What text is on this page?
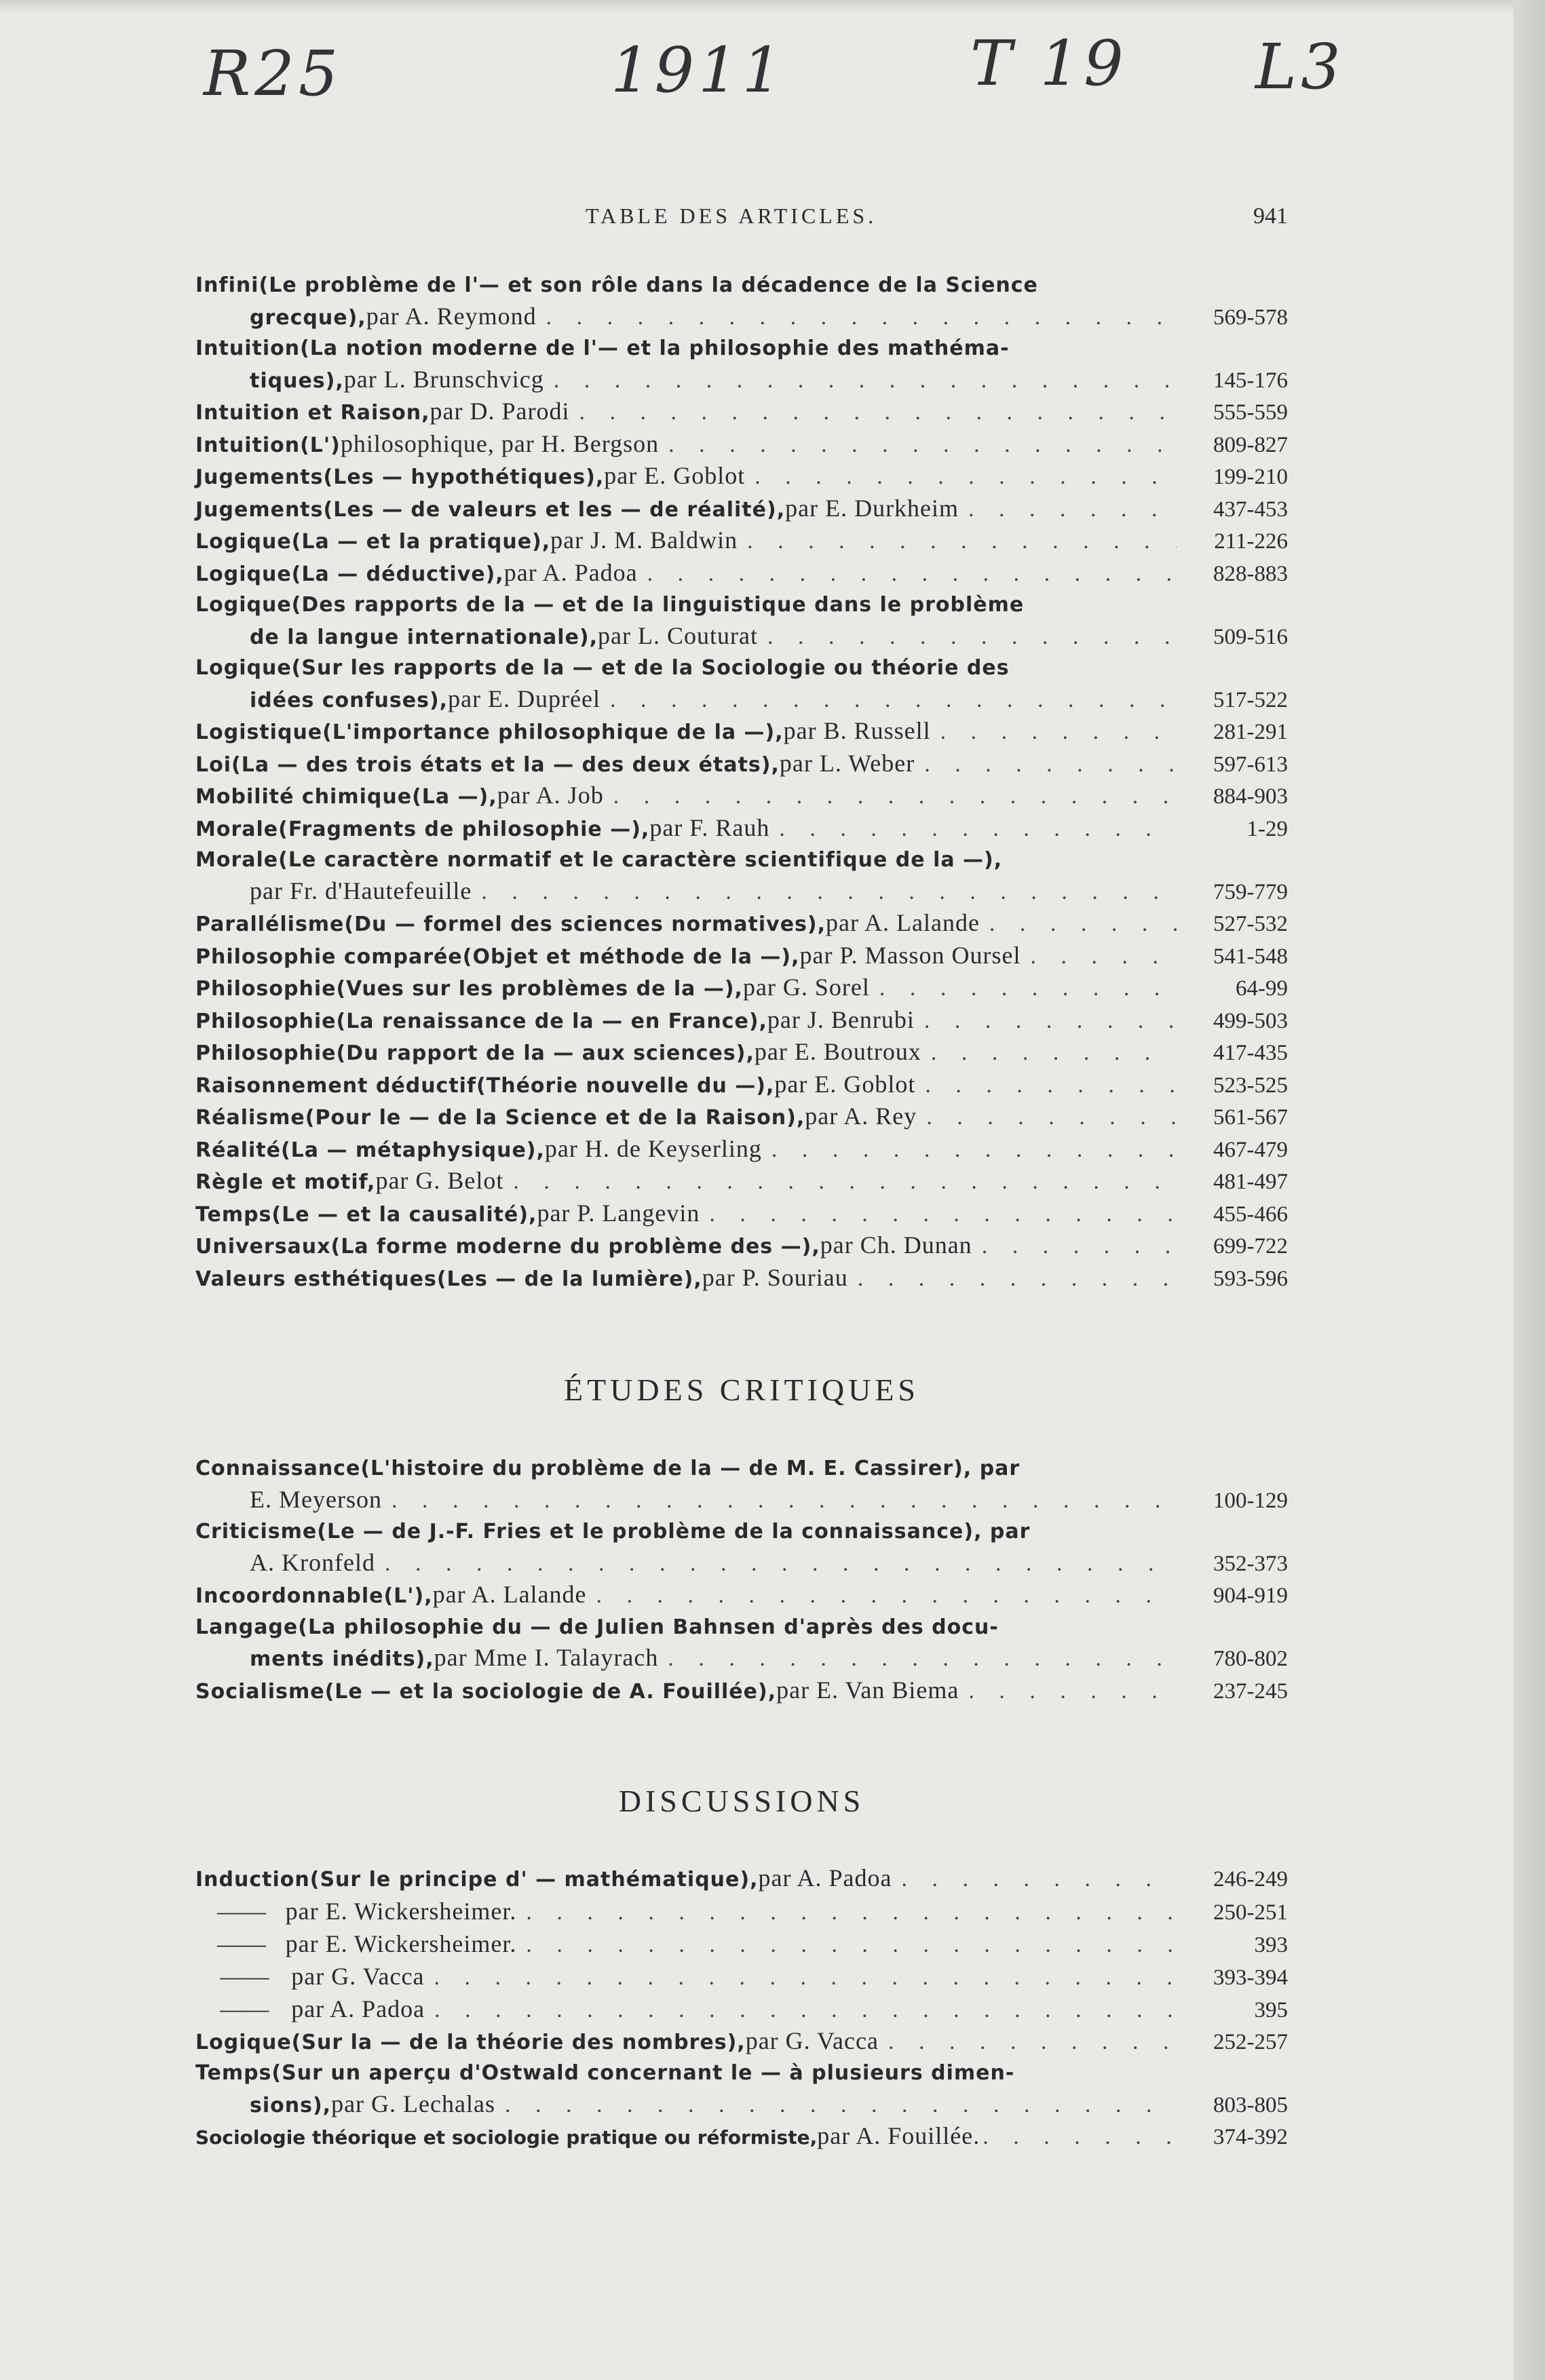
R25	1911	T 19 L3
TABLE DES ARTICLES.	941
Infini (Le problème de l'— et son rôle dans la décadence de la Science
grecque), par A. Reymond . . .	569-578
Intuition (La notion moderne de l'— et la philosophie des mathéma-
tiques), par L. Brunschvicg . . .	145-176
Intuition et Raison, par D. Parodi . . .	555-559
Intuition (L') philosophique, par H. Bergson . . .	809-827
Jugements (Les — hypothétiques), par E. Goblot . . .	199-210
Jugements (Les — de valeurs et les — de réalité), par E. Durkheim . . .	437-453
Logique (La — et la pratique), par J. M. Baldwin . . .	211-226
Logique (La — déductive), par A. Padoa . . .	828-883
Logique (Des rapports de la — et de la linguistique dans le problème
de la langue internationale), par L. Couturat . . .	509-516
Logique (Sur les rapports de la — et de la Sociologie ou théorie des
idées confuses), par E. Dupréel . . .	517-522
Logistique (L'importance philosophique de la —), par B. Russell . . .	281-291
Loi (La — des trois états et la — des deux états), par L. Weber . . .	597-613
Mobilité chimique (La —), par A. Job . . .	884-903
Morale (Fragments de philosophie —), par F. Rauh . . .	1-29
Morale (Le caractère normatif et le caractère scientifique de la —),
par Fr. d'Hautefeuille . . .	759-779
Parallélisme (Du — formel des sciences normatives), par A. Lalande . . .	527-532
Philosophie comparée (Objet et méthode de la —), par P. Masson Oursel . . .	541-548
Philosophie (Vues sur les problèmes de la —), par G. Sorel . . .	64-99
Philosophie (La renaissance de la — en France), par J. Benrubi . . .	499-503
Philosophie (Du rapport de la — aux sciences), par E. Boutroux . . .	417-435
Raisonnement déductif (Théorie nouvelle du —), par E. Goblot . . .	523-525
Réalisme (Pour le — de la Science et de la Raison), par A. Rey . . .	561-567
Réalité (La — métaphysique), par H. de Keyserling . . .	467-479
Règle et motif, par G. Belot . . .	481-497
Temps (Le — et la causalité), par P. Langevin . . .	455-466
Universaux (La forme moderne du problème des —), par Ch. Dunan . . .	699-722
Valeurs esthétiques (Les — de la lumière), par P. Souriau . . .	593-596
ÉTUDES CRITIQUES
Connaissance (L'histoire du problème de la — de M. E. Cassirer), par
E. Meyerson . . .	100-129
Criticisme (Le — de J.-F. Fries et le problème de la connaissance), par
A. Kronfeld . . .	352-373
Incoordonnable (L'), par A. Lalande . . .	904-919
Langage (La philosophie du — de Julien Bahnsen d'après des docu-
ments inédits), par Mme I. Talayrach . . .	780-802
Socialisme (Le — et la sociologie de A. Fouillée), par E. Van Biema . . .	237-245
DISCUSSIONS
Induction (Sur le principe d' — mathématique), par A. Padoa . . .	246-249
— — par E. Wickersheimer. . . .	250-251
— — par E. Wickersheimer. . . .	393
— — par G. Vacca . . .	393-394
— — par A. Padoa . . .	395
Logique (Sur la — de la théorie des nombres), par G. Vacca . . .	252-257
Temps (Sur un aperçu d'Ostwald concernant le — à plusieurs dimen-
sions), par G. Lechalas . . .	803-805
Sociologie théorique et sociologie pratique ou réformiste, par A. Fouillée. . . .	374-392
